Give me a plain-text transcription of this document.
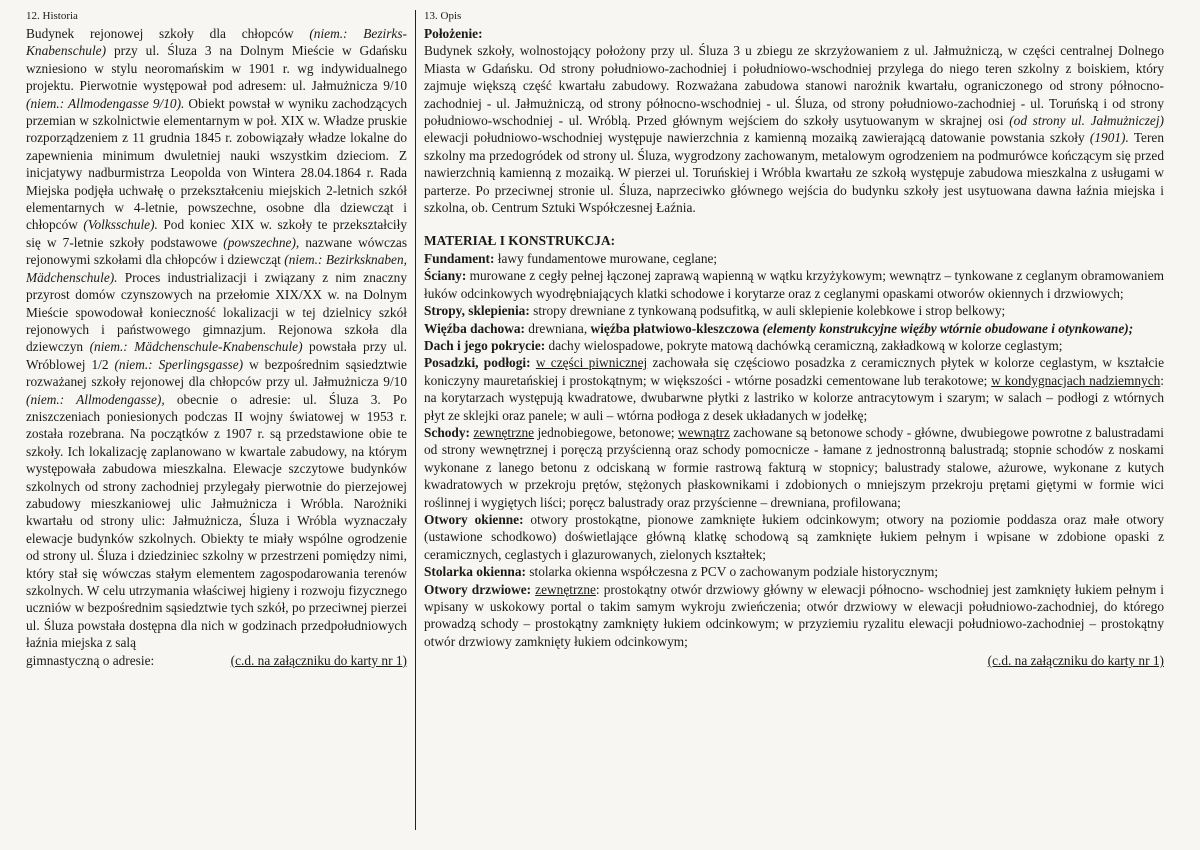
12. Historia
Budynek rejonowej szkoły dla chłopców (niem.: Bezirks-Knabenschule) przy ul. Śluza 3 na Dolnym Mieście w Gdańsku wzniesiono w stylu neoromańskim w 1901 r. wg indywidualnego projektu. Pierwotnie występował pod adresem: ul. Jałmużnicza 9/10 (niem.: Allmodengasse 9/10). Obiekt powstał w wyniku zachodzących przemian w szkolnictwie elementarnym w poł. XIX w. Władze pruskie rozporządzeniem z 11 grudnia 1845 r. zobowiązały władze lokalne do zapewnienia minimum dwuletniej nauki wszystkim dzieciom. Z inicjatywy nadburmistrza Leopolda von Wintera 28.04.1864 r. Rada Miejska podjęła uchwałę o przekształceniu miejskich 2-letnich szkół elementarnych w 4-letnie, powszechne, osobne dla dziewcząt i chłopców (Volksschule). Pod koniec XIX w. szkoły te przekształciły się w 7-letnie szkoły podstawowe (powszechne), nazwane wówczas rejonowymi szkołami dla chłopców i dziewcząt (niem.: Bezirksknaben, Mädchenschule). Proces industrializacji i związany z nim znaczny przyrost domów czynszowych na przełomie XIX/XX w. na Dolnym Mieście spowodował konieczność lokalizacji w tej dzielnicy szkół rejonowych i państwowego gimnazjum. Rejonowa szkoła dla dziewczyn (niem.: Mädchenschule-Knabenschule) powstała przy ul. Wróblowej 1/2 (niem.: Sperlingsgasse) w bezpośrednim sąsiedztwie rozważanej szkoły rejonowej dla chłopców przy ul. Jałmużnicza 9/10 (niem.: Allmodengasse), obecnie o adresie: ul. Śluza 3. Po zniszczeniach poniesionych podczas II wojny światowej w 1953 r. została rozebrana. Na początków z 1907 r. są przedstawione obie te szkoły. Ich lokalizację zaplanowano w kwartale zabudowy, na którym występowała zabudowa mieszkalna. Elewacje szczytowe budynków szkolnych od strony zachodniej przylegały pierwotnie do pierzejowej zabudowy mieszkaniowej ulic Jałmużnicza i Wróbla. Narożniki kwartału od strony ulic: Jałmużnicza, Śluza i Wróbla wyznaczały elewacje budynków szkolnych. Obiekty te miały wspólne ogrodzenie od strony ul. Śluza i dziedziniec szkolny w przestrzeni pomiędzy nimi, który stał się wówczas stałym elementem zagospodarowania terenów szkolnych. W celu utrzymania właściwej higieny i rozwoju fizycznego uczniów w bezpośrednim sąsiedztwie tych szkół, po przeciwnej pierzei ul. Śluza powstała dostępna dla nich w godzinach przedpołudniowych łaźnia miejska z salą
gimnastyczną o adresie:	(c.d. na załączniku do karty nr 1)
13. Opis

Położenie:

Budynek szkoły, wolnostojący położony przy ul. Śluza 3 u zbiegu ze skrzyżowaniem z ul. Jałmużniczą, w części centralnej Dolnego Miasta w Gdańsku. Od strony południowo-zachodniej i południowo-wschodniej przylega do niego teren szkolny z boiskiem, który zajmuje większą część kwartału zabudowy. Rozważana zabudowa stanowi narożnik kwartału, ograniczonego od strony północno-zachodniej - ul. Jałmużniczą, od strony północno-wschodniej - ul. Śluza, od strony południowo-zachodniej - ul. Toruńską i od strony południowo-wschodniej - ul. Wróblą. Przed głównym wejściem do szkoły usytuowanym w skrajnej osi (od strony ul. Jałmużniczej) elewacji południowo-wschodniej występuje nawierzchnia z kamienną mozaiką zawierającą datowanie powstania szkoły (1901). Teren szkolny ma przedogródek od strony ul. Śluza, wygrodzony zachowanym, metalowym ogrodzeniem na podmurówce kończącym się przed nawierzchnią kamienną z mozaiką. W pierzei ul. Toruńskiej i Wróbla kwartału ze szkołą występuje zabudowa mieszkalna z usługami w parterze. Po przeciwnej stronie ul. Śluza, naprzeciwko głównego wejścia do budynku szkoły jest usytuowana dawna łaźnia miejska i szkolna, ob. Centrum Sztuki Współczesnej Łaźnia.

MATERIAŁ I KONSTRUKCJA:

Fundament: ławy fundamentowe murowane, ceglane;

Ściany: murowane z cegły pełnej łączonej zaprawą wapienną w wątku krzyżykowym; wewnątrz – tynkowane z ceglanym obramowaniem łuków odcinkowych wyodrębniających klatki schodowe i korytarze oraz z ceglanymi opaskami otworów okiennych i drzwiowych;

Stropy, sklepienia: stropy drewniane z tynkowaną podsufitką, w auli sklepienie kolebkowe i strop belkowy;

Więźba dachowa: drewniana, więźba płatwiowo-kleszczowa (elementy konstrukcyjne więźby wtórnie obudowane i otynkowane);

Dach i jego pokrycie: dachy wielospadowe, pokryte matową dachówką ceramiczną, zakładkową w kolorze ceglastym;

Posadzki, podłogi: w części piwnicznej zachowała się częściowo posadzka z ceramicznych płytek w kolorze ceglastym, w kształcie koniczyny mauretańskiej i prostokątnym; w większości - wtórne posadzki cementowane lub terakotowe; w kondygnacjach nadziemnych: na korytarzach występują kwadratowe, dwubarwne płytki z lastriko w kolorze antracytowym i szarym; w salach – podłogi z wtórnych płyt ze sklejki oraz panele; w auli – wtórna podłoga z desek układanych w jodełkę;

Schody: zewnętrzne jednobiegowe, betonowe; wewnątrz zachowane są betonowe schody - główne, dwubiegowe powrotne z balustradami od strony wewnętrznej i poręczą przyścienną oraz schody pomocnicze - łamane z jednostronną balustradą; stopnie schodów z noskami wykonane z lanego betonu z odciskaną w formie rastrową fakturą w stopnicy; balustrady stalowe, ażurowe, wykonane z kutych kwadratowych w przekroju prętów, stężonych płaskownikami i zdobionych o mniejszym przekroju prętami giętymi w formie wici roślinnej i wygiętych liści; poręcz balustrady oraz przyścienne – drewniana, profilowana;

Otwory okienne: otwory prostokątne, pionowe zamknięte łukiem odcinkowym; otwory na poziomie poddasza oraz małe otwory (ustawione schodkowo) doświetlające główną klatkę schodową są zamknięte łukiem pełnym i wpisane w zdobione opaski z ceramicznych, ceglastych i glazurowanych, zielonych kształtek;

Stolarka okienna: stolarka okienna współczesna z PCV o zachowanym podziale historycznym;

Otwory drzwiowe: zewnętrzne: prostokątny otwór drzwiowy główny w elewacji północno- wschodniej jest zamknięty łukiem pełnym i wpisany w uskokowy portal o takim samym wykroju zwieńczenia; otwór drzwiowy w elewacji południowo-zachodniej, do którego prowadzą schody – prostokątny zamknięty łukiem odcinkowym; w przyziemiu ryzalitu elewacji południowo-zachodniej – prostokątny otwór drzwiowy zamknięty łukiem odcinkowym;

(c.d. na załączniku do karty nr 1)
